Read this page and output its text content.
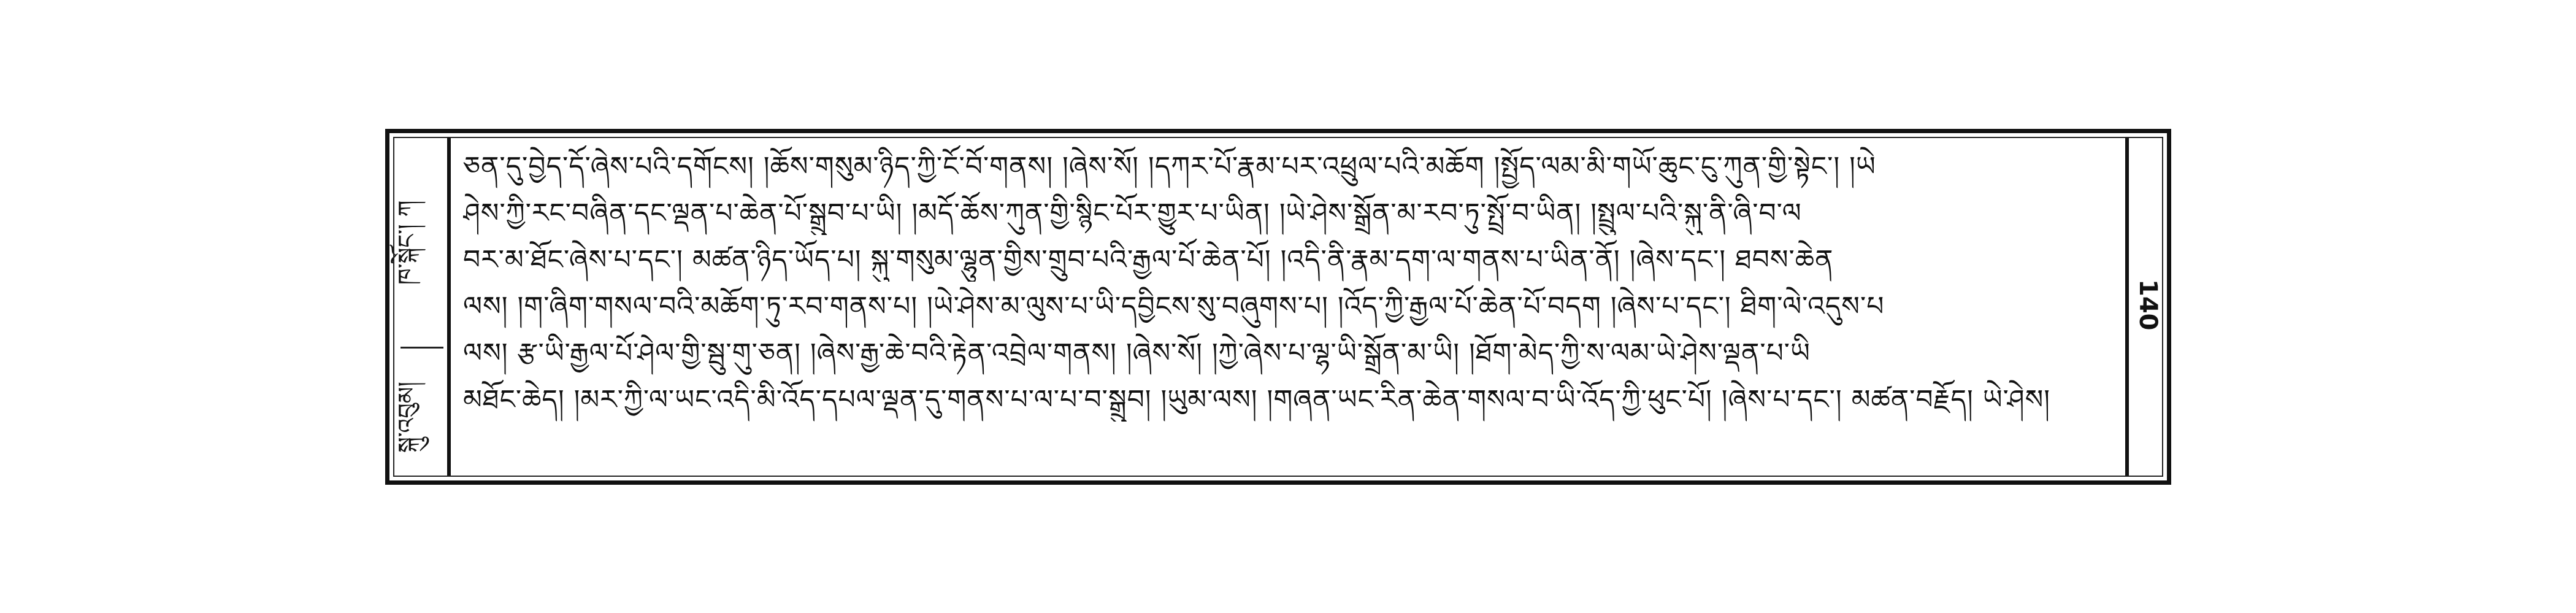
ཁ་སྐོང་། ཀ
སྐུ་འབུམ།
ཅན་དུ་བྱེད་དོ་ཞེས་པའི་དགོངས། །ཆོས་གསུམ་ཉིད་ཀྱི་ངོ་བོ་གནས། །ཞེས་སོ། །དཀར་པོ་རྣམ་པར་འཕྲུལ་པའི་མཆོག །སྤྱོད་ལམ་མི་གཡོ་ཆུང་ངུ་ཀུན་གྱི་སྟེང་། །ཡེ
ཤེས་ཀྱི་རང་བཞིན་དང་ལྡན་པ་ཆེན་པོ་སྒྲུབ་པ་ཡི། །མདོ་ཆོས་ཀུན་གྱི་སྙིང་པོར་གྱུར་པ་ཡིན། །ཡེ་ཤེས་སྒྲོན་མ་རབ་ཏུ་སྤྲོ་བ་ཡིན། །སྤྲུལ་པའི་སྐུ་ནི་ཞི་བ་ལ
བར་མ་ཐོང་ཞེས་པ་དང་། མཚན་ཉིད་ཡོད་པ། སྐུ་གསུམ་ལྷུན་གྱིས་གྲུབ་པའི་རྒྱལ་པོ་ཆེན་པོ། །འདི་ནི་རྣམ་དག་ལ་གནས་པ་ཡིན་ནོ། །ཞེས་དང་། ཐབས་ཆེན
ལས། །ག་ཞིག་གསལ་བའི་མཆོག་ཏུ་རབ་གནས་པ། །ཡེ་ཤེས་མ་ལུས་པ་ཡི་དབྱིངས་སུ་བཞུགས་པ། །འོད་ཀྱི་རྒྱལ་པོ་ཆེན་པོ་བདག །ཞེས་པ་དང་། ཐིག་ལེ་འདུས་པ
ལས། རྩ་ཡི་རྒྱལ་པོ་ཤེལ་གྱི་སྦུ་གུ་ཅན། །ཞེས་རྒྱ་ཆེ་བའི་རྟེན་འབྲེལ་གནས། །ཞེས་སོ། །ཀྱེ་ཞེས་པ་ལྷ་ཡི་སྒྲོན་མ་ཡི། །ཐོག་མེད་ཀྱི་ས་ལམ་ཡེ་ཤེས་ལྡན་པ་ཡི
མཐོང་ཆེད། །མར་ཀྱི་ལ་ཡང་འདི་མི་འོད་དཔལ་ལྡན་དུ་གནས་པ་ལ་པ་བ་སྒྲུབ། །ཡུམ་ལས། །གཞན་ཡང་རིན་ཆེན་གསལ་བ་ཡི་འོད་ཀྱི་ཕུང་པོ། །ཞེས་པ་དང་། མཚན་བརྗོད། ཡེ་ཤེས།
140
